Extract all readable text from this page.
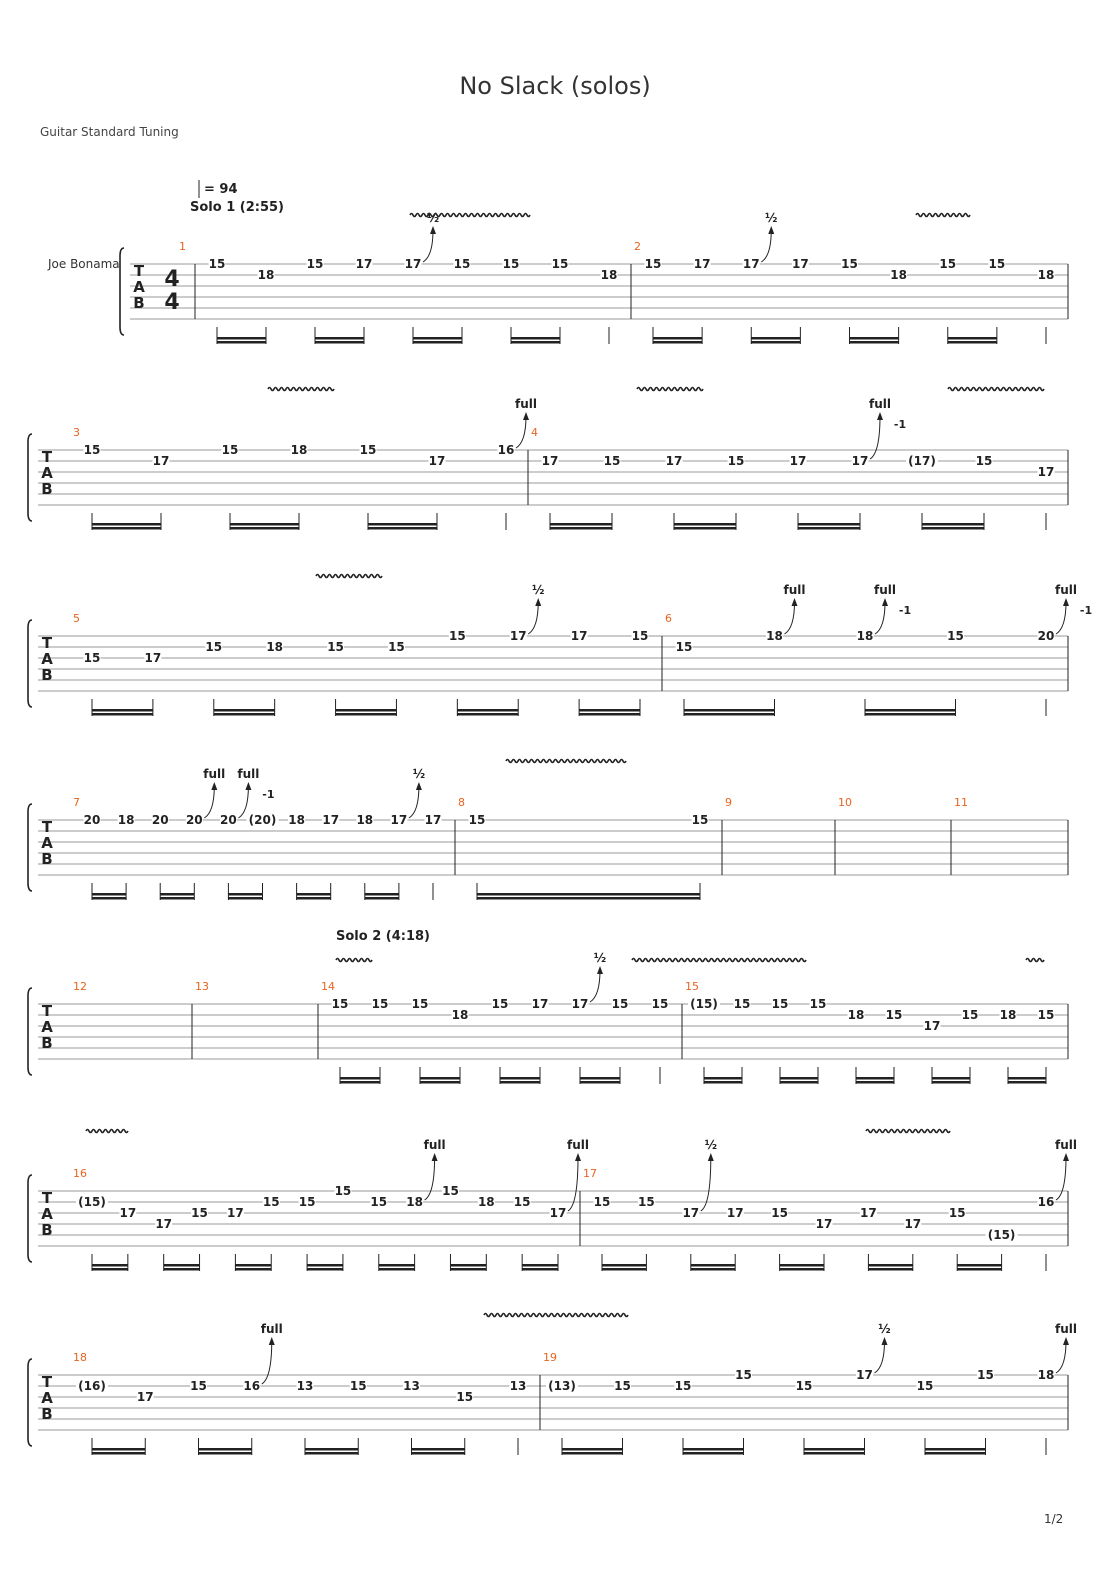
No Slack (solos)
Guitar Standard Tuning
1/2
T
A
B
4
4
Joe Bonama
= 94
Solo 1 (2:55)
1	2
15
18
15	17	17
½
15	15	15
18
15	17	17
½
17	15
18
15	15
18
T
A
B
3	4
15
17
15	18	15
17
16
full
17	15	17	15	17	17
full
-1
(17)	15
17
T
A
B
5	6
15	17
15	18	15	15
15	17
½
17	15
15
18
full
18
full
-1
15	20
full
-1
T
A
B
7	8	9	10	11
20 18 20 20
full
20
full
-1
(20) 18 17 18 17
½
17 15	15
T
A
B
Solo 2 (4:18)
12	13	14	15
15 15 15
18
15 17 17
½
15 15 (15) 15 15 15
18 15
17
15 18 15
T
A
B
16	17
(15)
17
17
15 17
15 15
15
15 18
full
15
18 15
17
full
15 15
17
½
17 15
17
17
17
15
(15)
16
full
T
A
B
18	19
(16)
17
15	16
full
13	15	13
15
13 (13)	15	15
15
15
17
½
15
15	18
full
